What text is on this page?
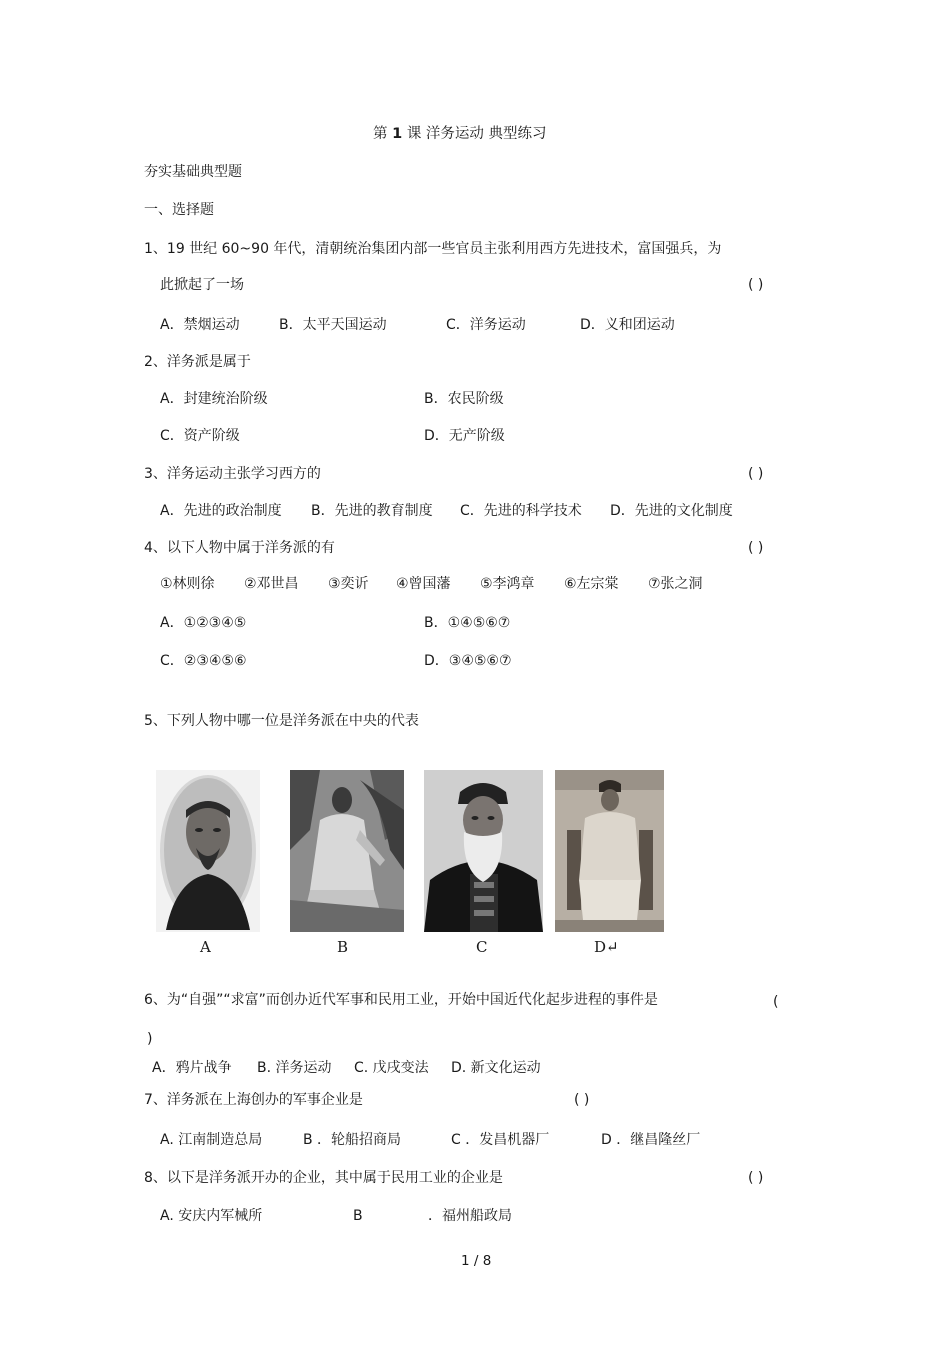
第 1 课 洋务运动 典型练习
夯实基础典型题
一、选择题
1、19 世纪 60~90 年代，清朝统治集团内部一些官员主张利用西方先进技术，富国强兵，为
此掀起了一场	( )
A．禁烟运动	B．太平天国运动	C．洋务运动	D．义和团运动
2、洋务派是属于
A．封建统治阶级	B．农民阶级
C．资产阶级	D．无产阶级
3、洋务运动主张学习西方的	( )
A．先进的政治制度 B．先进的教育制度 C．先进的科学技术 D．先进的文化制度
4、以下人物中属于洋务派的有	( )
①林则徐 ②邓世昌 ③奕䜣 ④曾国藩 ⑤李鸿章 ⑥左宗棠 ⑦张之洞
A．①②③④⑤	B．①④⑤⑥⑦
C．②③④⑤⑥	D．③④⑤⑥⑦
5、下列人物中哪一位是洋务派在中央的代表
A	B	C	D↵
6、为“自强”“求富”而创办近代军事和民用工业，开始中国近代化起步进程的事件是	(
)
A．鸦片战争 B. 洋务运动 C. 戊戌变法 D. 新文化运动
7、洋务派在上海创办的军事企业是	( )
A. 江南制造总局	B ．轮船招商局	C ．发昌机器厂	D ．继昌隆丝厂
8、以下是洋务派开办的企业，其中属于民用工业的企业是	( )
A. 安庆内军械所	B	．福州船政局
1 / 8
